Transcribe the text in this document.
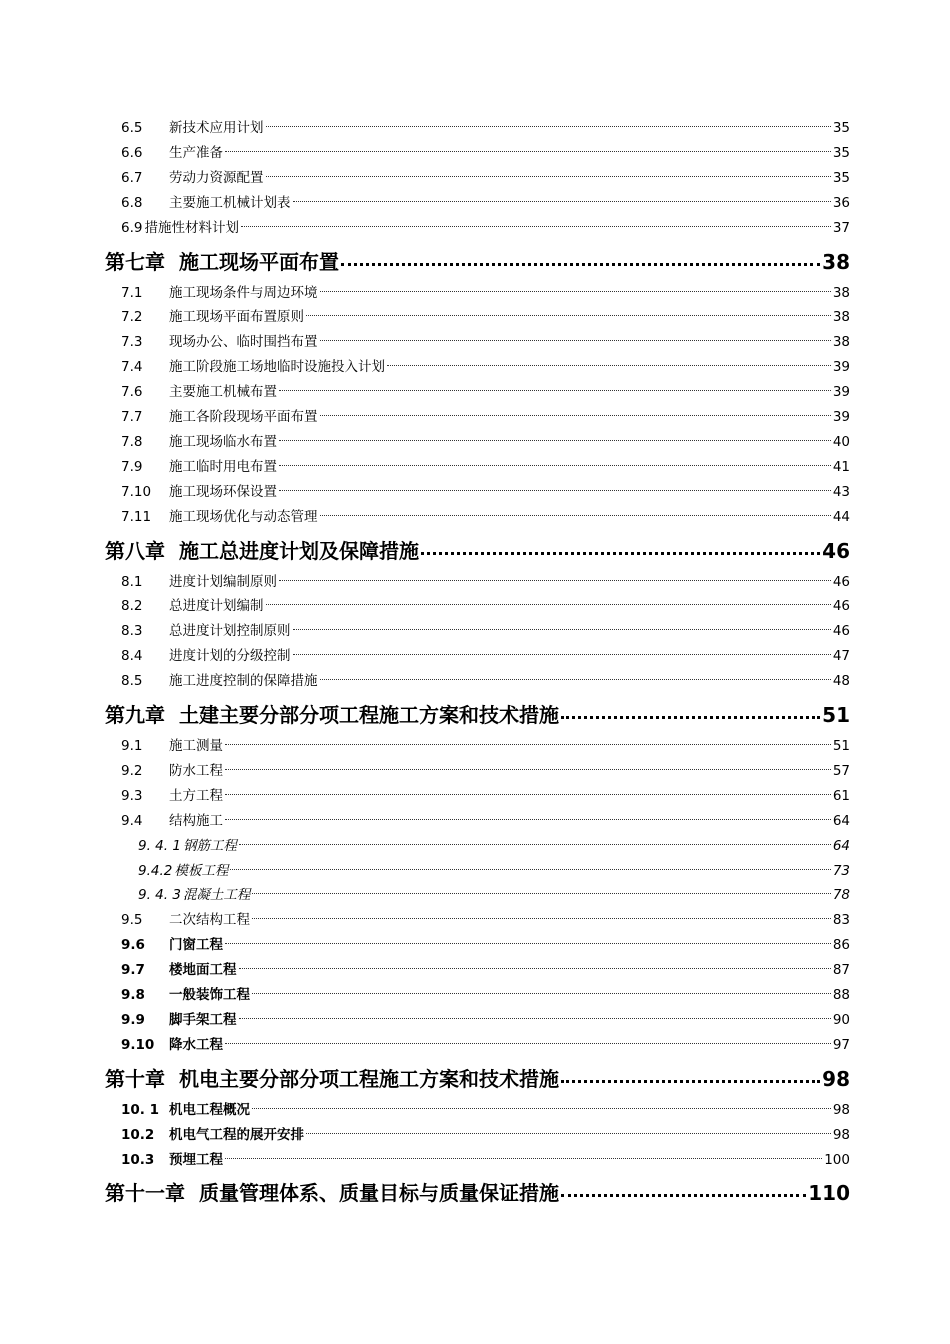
6.5	新技术应用计划	35
6.6	生产准备	35
6.7	劳动力资源配置	35
6.8	主要施工机械计划表	36
6.9 措施性材料计划	37
第七章 施工现场平面布置	38
7.1	施工现场条件与周边环境	38
7.2	施工现场平面布置原则	38
7.3	现场办公、临时围挡布置	38
7.4	施工阶段施工场地临时设施投入计划	39
7.6	主要施工机械布置	39
7.7	施工各阶段现场平面布置	39
7.8	施工现场临水布置	40
7.9	施工临时用电布置	41
7.10	施工现场环保设置	43
7.11	施工现场优化与动态管理	44
第八章 施工总进度计划及保障措施	46
8.1	进度计划编制原则	46
8.2	总进度计划编制	46
8.3	总进度计划控制原则	46
8.4	进度计划的分级控制	47
8.5	施工进度控制的保障措施	48
第九章 土建主要分部分项工程施工方案和技术措施	51
9.1	施工测量	51
9.2	防水工程	57
9.3	土方工程	61
9.4	结构施工	64
9. 4. 1 钢筋工程	64
9.4.2 模板工程	73
9. 4. 3 混凝土工程	78
9.5	二次结构工程	83
9.6	门窗工程	86
9.7	楼地面工程	87
9.8	一般装饰工程	88
9.9	脚手架工程	90
9.10	降水工程	97
第十章 机电主要分部分项工程施工方案和技术措施	98
10. 1 机电工程概况	98
10.2	机电气工程的展开安排	98
10.3	预埋工程	100
第十一章 质量管理体系、质量目标与质量保证措施	110
